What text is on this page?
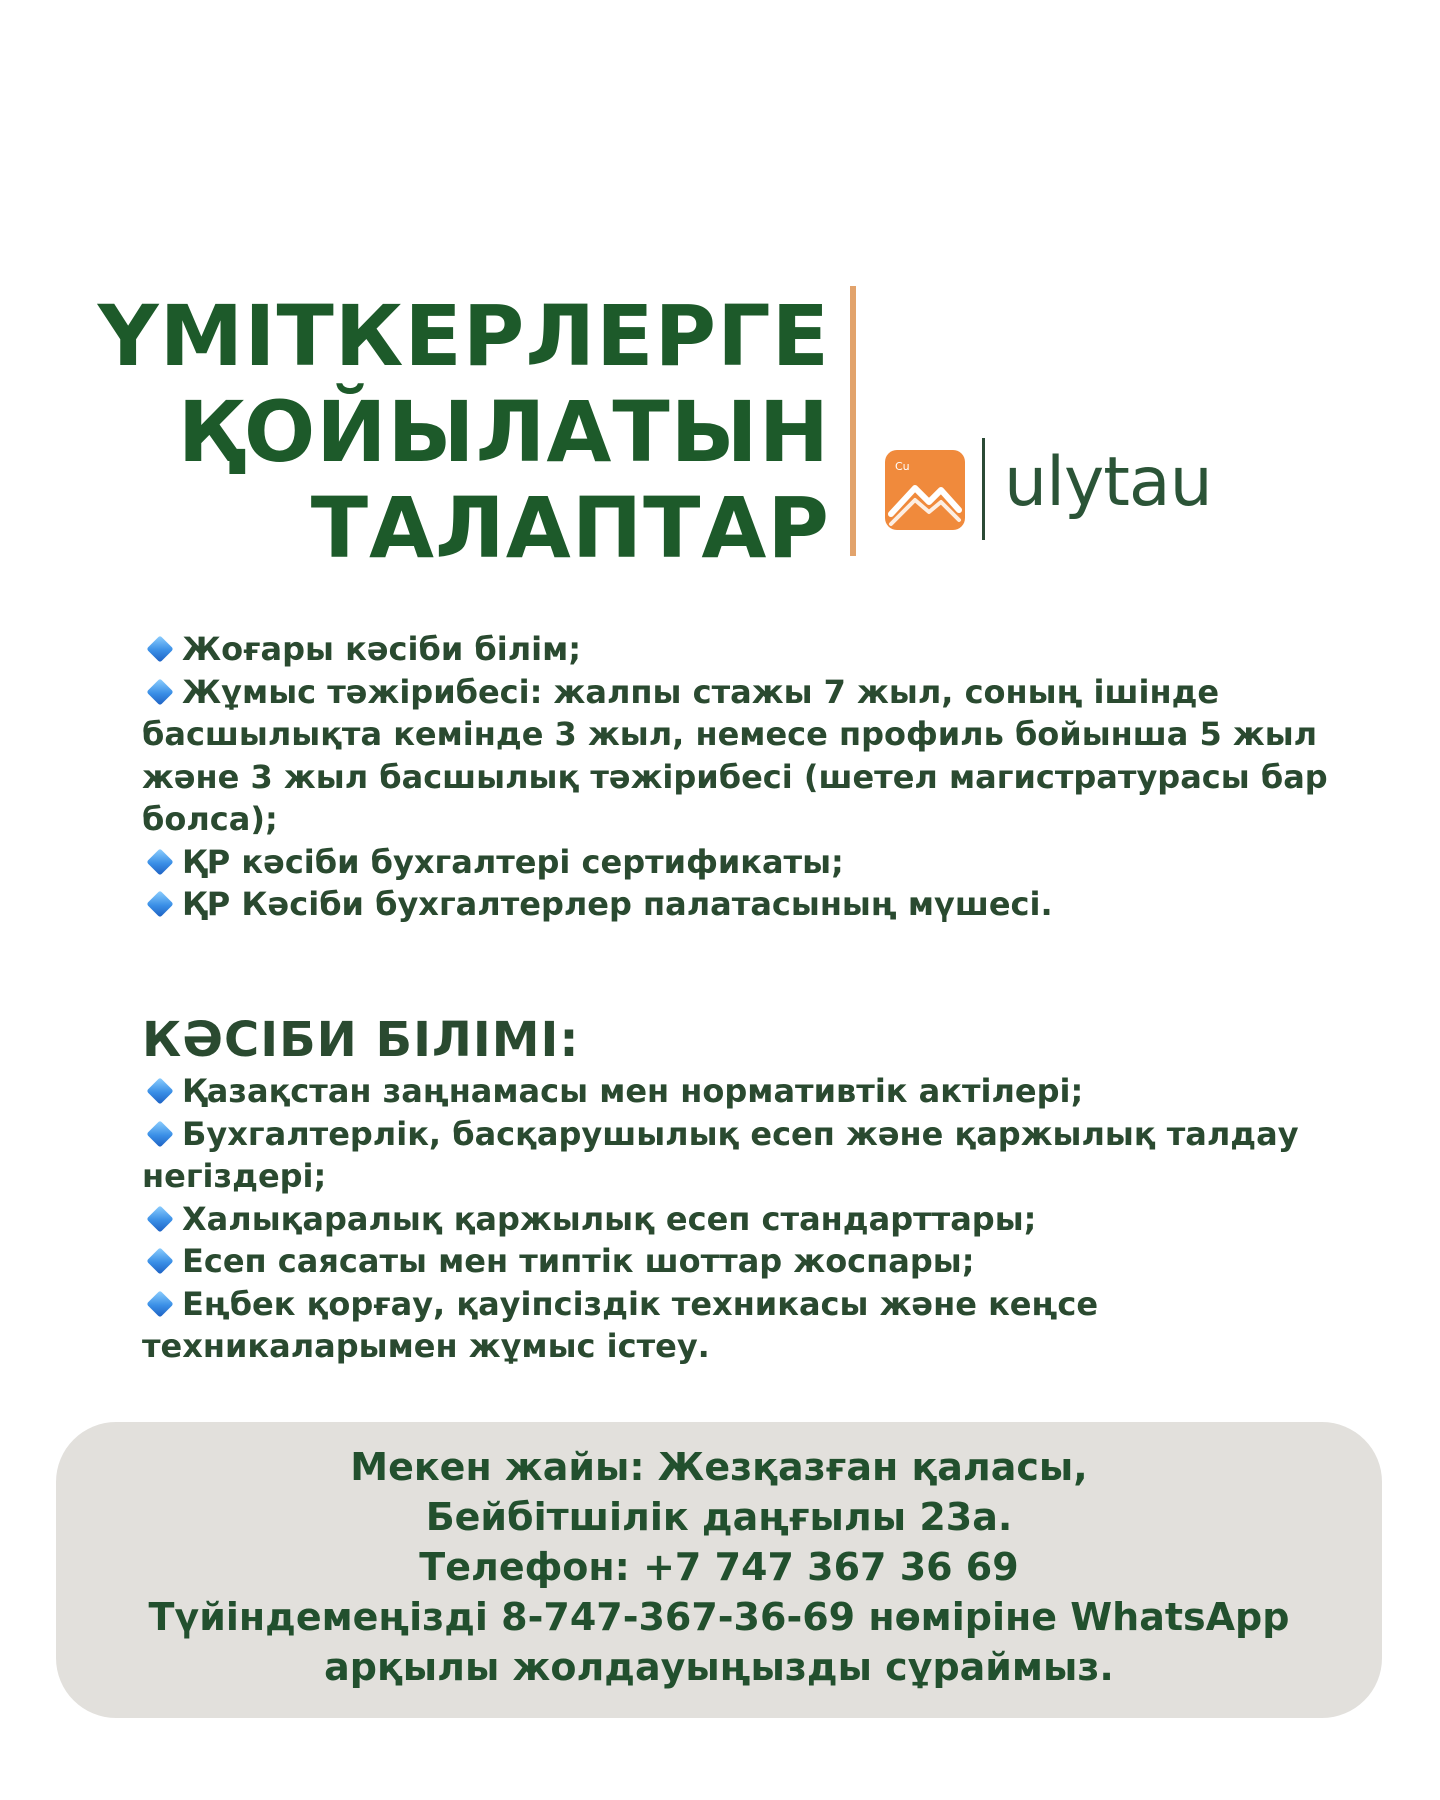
ҮМІТКЕРЛЕРГЕ
ҚОЙЫЛАТЫН
ТАЛАПТАР
Cu ulytau
Жоғары кәсіби білім;
Жұмыс тәжірибесі: жалпы стажы 7 жыл, соның ішінде басшылықта кемінде 3 жыл, немесе профиль бойынша 5 жыл және 3 жыл басшылық тәжірибесі (шетел магистратурасы бар болса);
ҚР кәсіби бухгалтері сертификаты;
ҚР Кәсіби бухгалтерлер палатасының мүшесі.
КӘСІБИ БІЛІМІ:
Қазақстан заңнамасы мен нормативтік актілері;
Бухгалтерлік, басқарушылық есеп және қаржылық талдау негіздері;
Халықаралық қаржылық есеп стандарттары;
Есеп саясаты мен типтік шоттар жоспары;
Еңбек қорғау, қауіпсіздік техникасы және кеңсе техникаларымен жұмыс істеу.
Мекен жайы: Жезқазған қаласы,
Бейбітшілік даңғылы 23а.
Телефон: +7 747 367 36 69
Түйіндемеңізді 8-747-367-36-69 нөміріне WhatsApp
арқылы жолдауыңызды сұраймыз.
